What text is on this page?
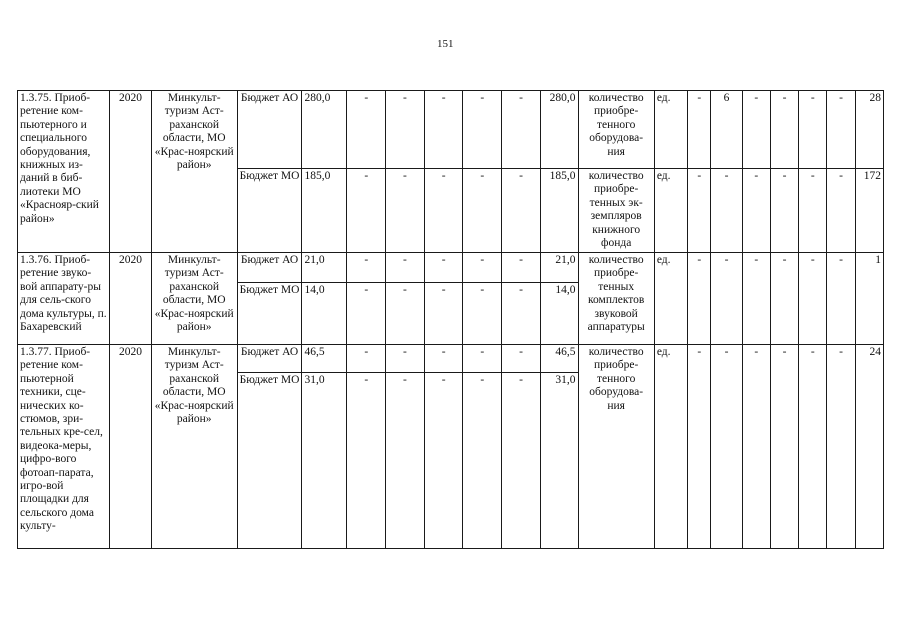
151
1.3.75. Приоб-ретение ком-пьютерного и специального оборудования, книжных из-даний в биб-лиотеки МО «Краснояр-ский район»	2020	Минкульт-туризм Аст-раханской области, МО «Крас-ноярский район»	Бюджет АО	280,0	-	-	-	-	-	280,0	количество приобре-тенного оборудова-ния	ед.	-	6	-	-	-	-	28
			Бюджет МО	185,0	-	-	-	-	-	185,0	количество приобре-тенных эк-земпляров книжного фонда	ед.	-	-	-	-	-	-	172
1.3.76. Приоб-ретение звуко-вой аппарату-ры для сель-ского дома культуры, п. Бахаревский	2020	Минкульт-туризм Аст-раханской области, МО «Крас-ноярский район»	Бюджет АО	21,0	-	-	-	-	-	21,0	количество приобре-тенных комплектов звуковой аппаратуры	ед.	-	-	-	-	-	-	1
			Бюджет МО	14,0	-	-	-	-	-	14,0									
1.3.77. Приоб-ретение ком-пьютерной техники, сце-нических ко-стюмов, зри-тельных кре-сел, видеока-меры, цифро-вого фотоап-парата, игро-вой площадки для сельского дома культу-	2020	Минкульт-туризм Аст-раханской области, МО «Крас-ноярский район»	Бюджет АО	46,5	-	-	-	-	-	46,5	количество приобре-тенного оборудова-ния	ед.	-	-	-	-	-	-	24
			Бюджет МО	31,0	-	-	-	-	-	31,0									
